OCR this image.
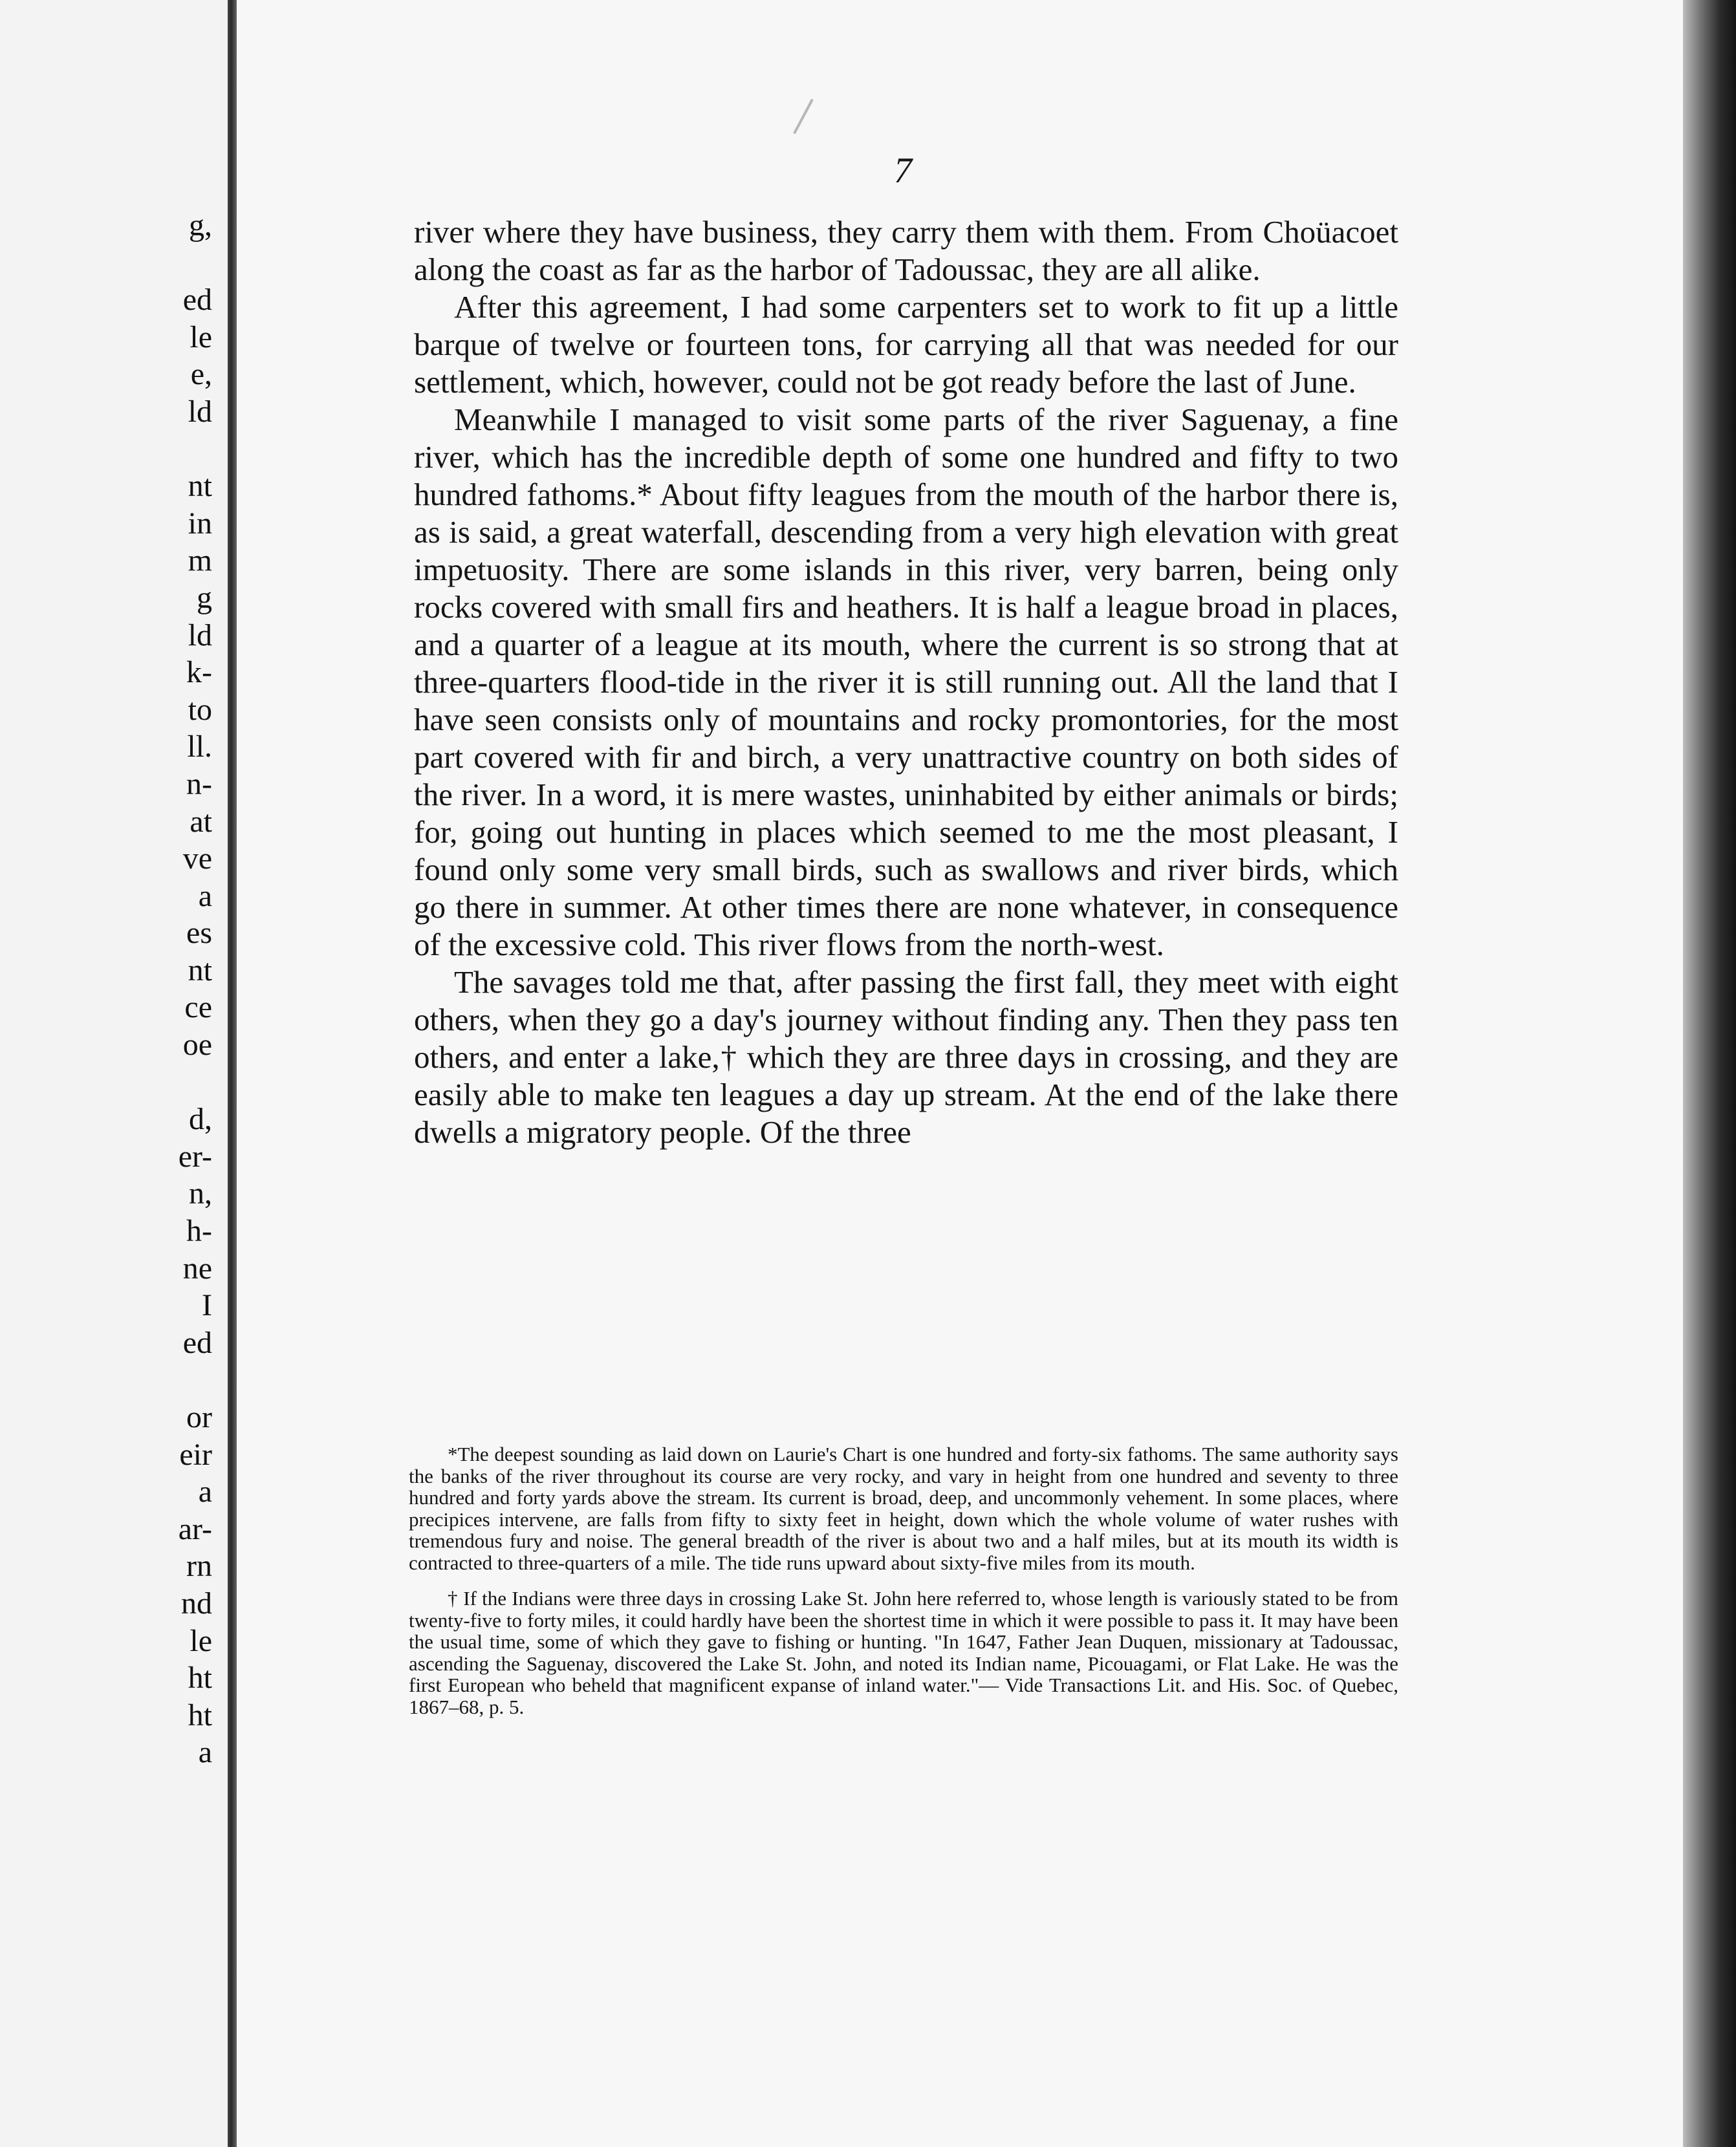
g,

ed
le
e,
ld

nt
in
m
g
ld
k-
to
ll.
n-
at
ve
a
es
nt
ce
oe

d,
er-
n,
h-
ne
I
ed

or
eir
a
ar-
rn
nd
le
ht
ht
a
7

river where they have business, they carry them with them. From Choüacoet along the coast as far as the harbor of Tadoussac, they are all alike.

After this agreement, I had some carpenters set to work to fit up a little barque of twelve or fourteen tons, for carrying all that was needed for our settlement, which, however, could not be got ready before the last of June.

Meanwhile I managed to visit some parts of the river Saguenay, a fine river, which has the incredible depth of some one hundred and fifty to two hundred fathoms.* About fifty leagues from the mouth of the harbor there is, as is said, a great waterfall, descending from a very high elevation with great impetuosity. There are some islands in this river, very barren, being only rocks covered with small firs and heathers. It is half a league broad in places, and a quarter of a league at its mouth, where the current is so strong that at three-quarters flood-tide in the river it is still running out. All the land that I have seen consists only of mountains and rocky promontories, for the most part covered with fir and birch, a very unattractive country on both sides of the river. In a word, it is mere wastes, uninhabited by either animals or birds; for, going out hunting in places which seemed to me the most pleasant, I found only some very small birds, such as swallows and river birds, which go there in summer. At other times there are none whatever, in consequence of the excessive cold. This river flows from the north-west.

The savages told me that, after passing the first fall, they meet with eight others, when they go a day's journey without finding any. Then they pass ten others, and enter a lake,† which they are three days in crossing, and they are easily able to make ten leagues a day up stream. At the end of the lake there dwells a migratory people. Of the three

*The deepest sounding as laid down on Laurie's Chart is one hundred and forty-six fathoms. The same authority says the banks of the river throughout its course are very rocky, and vary in height from one hundred and seventy to three hundred and forty yards above the stream. Its current is broad, deep, and uncommonly vehement. In some places, where precipices intervene, are falls from fifty to sixty feet in height, down which the whole volume of water rushes with tremendous fury and noise. The general breadth of the river is about two and a half miles, but at its mouth its width is contracted to three-quarters of a mile. The tide runs upward about sixty-five miles from its mouth.

† If the Indians were three days in crossing Lake St. John here referred to, whose length is variously stated to be from twenty-five to forty miles, it could hardly have been the shortest time in which it were possible to pass it. It may have been the usual time, some of which they gave to fishing or hunting. "In 1647, Father Jean Duquen, missionary at Tadoussac, ascending the Saguenay, discovered the Lake St. John, and noted its Indian name, Picouagami, or Flat Lake. He was the first European who beheld that magnificent expanse of inland water."— Vide Transactions Lit. and His. Soc. of Quebec, 1867–68, p. 5.
